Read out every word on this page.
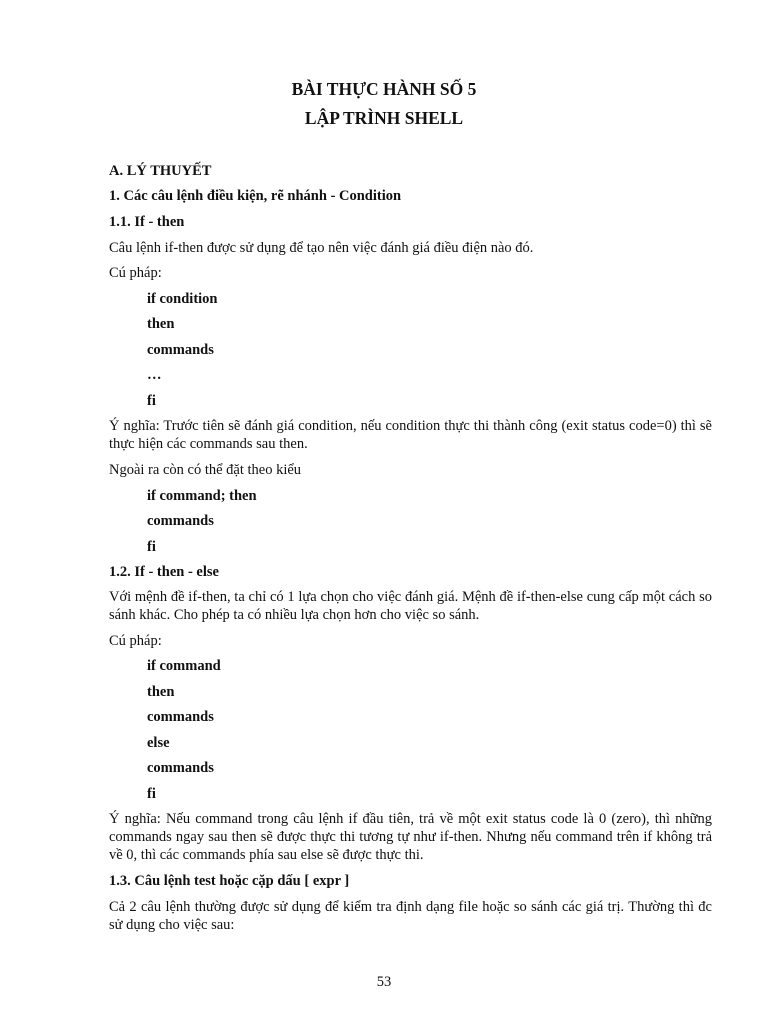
BÀI THỰC HÀNH SỐ 5
LẬP TRÌNH SHELL
A. LÝ THUYẾT
1. Các câu lệnh điều kiện, rẽ nhánh - Condition
1.1. If - then
Câu lệnh if-then được sử dụng để tạo nên việc đánh giá điều điện nào đó.
Cú pháp:
if condition
then
commands
…
fi
Ý nghĩa: Trước tiên sẽ đánh giá condition, nếu condition thực thi thành công (exit status code=0) thì sẽ thực hiện các commands sau then.
Ngoài ra còn có thể đặt theo kiểu
if command; then
commands
fi
1.2. If - then - else
Với mệnh đề if-then, ta chỉ có 1 lựa chọn cho việc đánh giá. Mệnh đề if-then-else cung cấp một cách so sánh khác. Cho phép ta có nhiều lựa chọn hơn cho việc so sánh.
Cú pháp:
if command
then
commands
else
commands
fi
Ý nghĩa: Nếu command trong câu lệnh if đầu tiên, trả về một exit status code là 0 (zero), thì những commands ngay sau then sẽ được thực thi tương tự như if-then. Nhưng nếu command trên if không trả về 0, thì các commands phía sau else sẽ được thực thi.
1.3. Câu lệnh test hoặc cặp dấu [ expr ]
Cả 2 câu lệnh thường được sử dụng để kiểm tra định dạng file hoặc so sánh các giá trị. Thường thì đc sử dụng cho việc sau:
53
